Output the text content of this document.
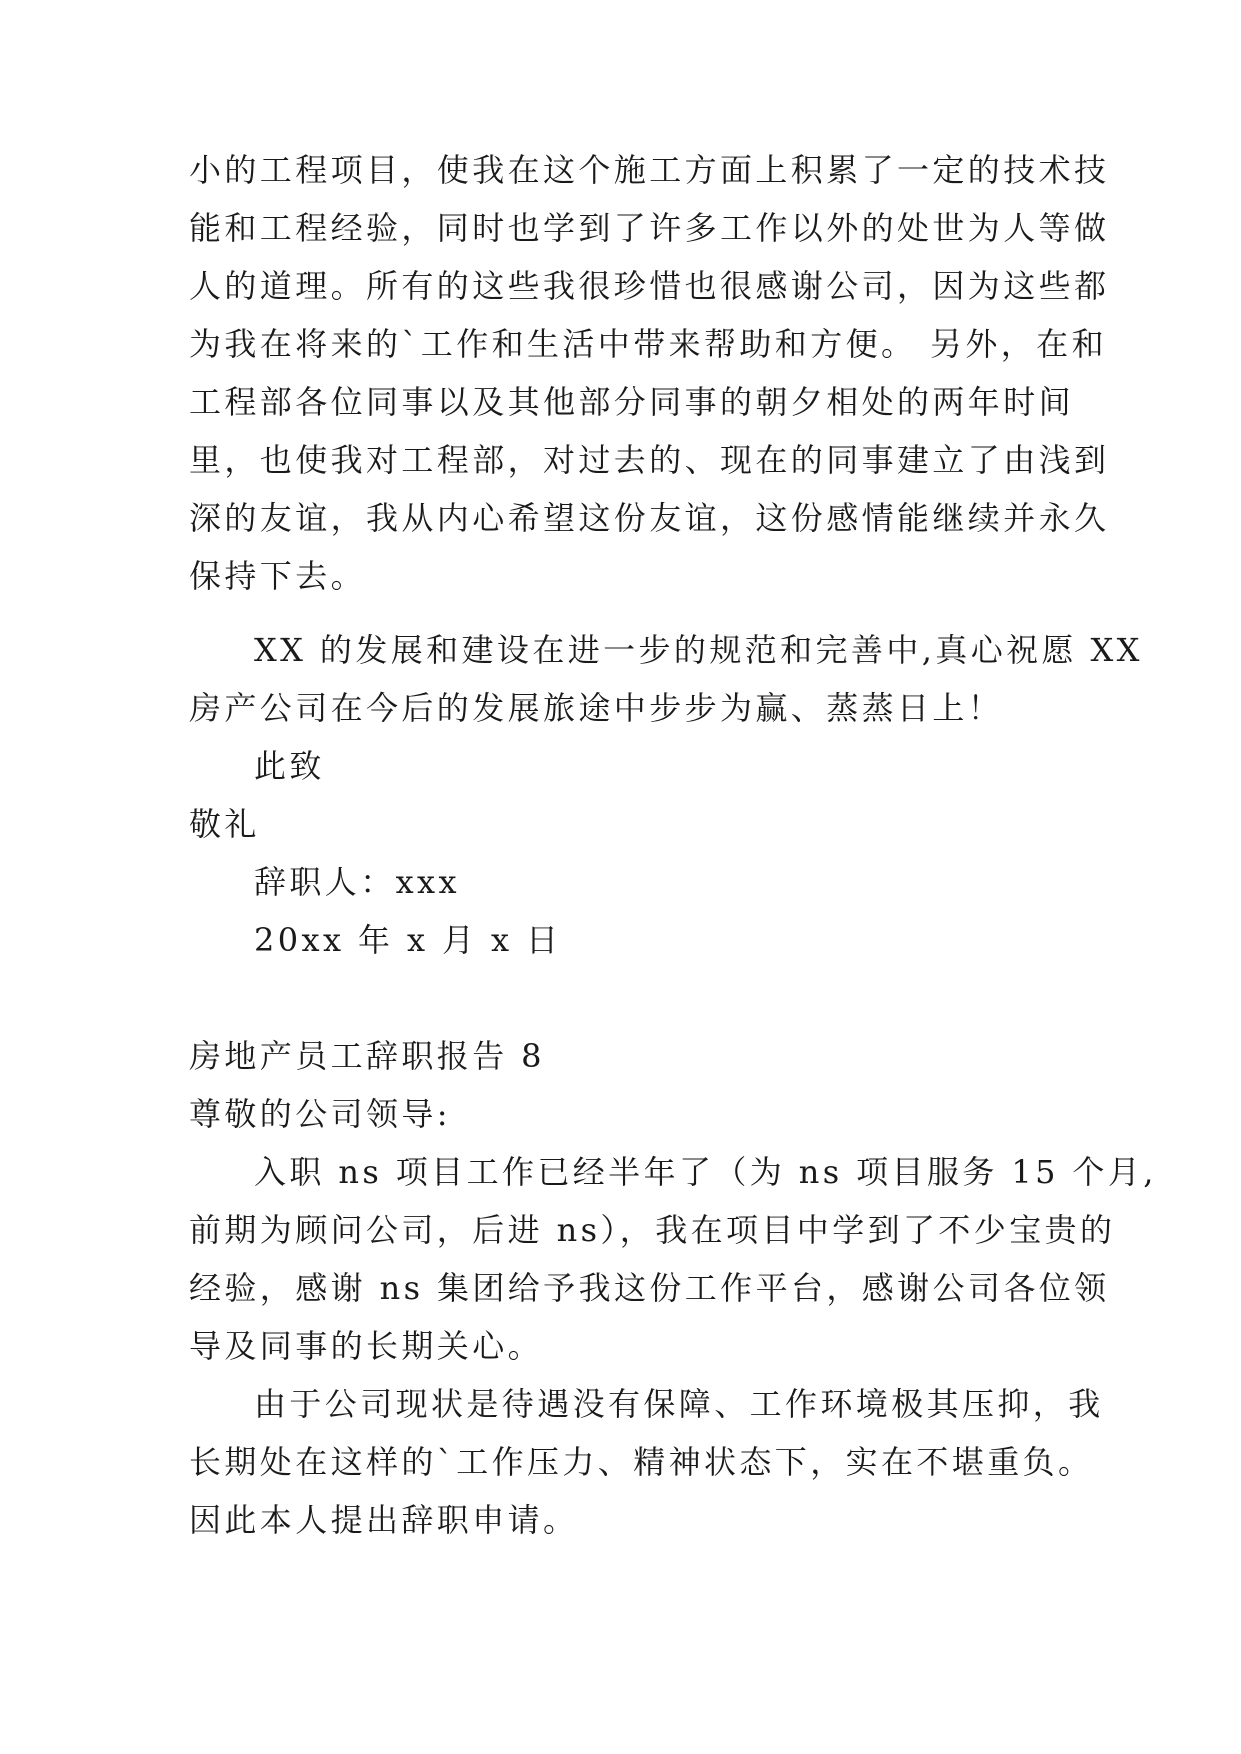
小的工程项目，使我在这个施工方面上积累了一定的技术技
能和工程经验，同时也学到了许多工作以外的处世为人等做
人的道理。所有的这些我很珍惜也很感谢公司，因为这些都
为我在将来的`工作和生活中带来帮助和方便。 另外，在和
工程部各位同事以及其他部分同事的朝夕相处的两年时间
里，也使我对工程部，对过去的、现在的同事建立了由浅到
深的友谊，我从内心希望这份友谊，这份感情能继续并永久
保持下去。
XX 的发展和建设在进一步的规范和完善中,真心祝愿 XX
房产公司在今后的发展旅途中步步为赢、蒸蒸日上！
此致
敬礼
辞职人：xxx
20xx 年 x 月 x 日
房地产员工辞职报告 8
尊敬的公司领导:
入职 ns 项目工作已经半年了（为 ns 项目服务 15 个月,
前期为顾问公司，后进 ns），我在项目中学到了不少宝贵的
经验，感谢 ns 集团给予我这份工作平台，感谢公司各位领
导及同事的长期关心。
由于公司现状是待遇没有保障、工作环境极其压抑，我
长期处在这样的`工作压力、精神状态下，实在不堪重负。
因此本人提出辞职申请。
